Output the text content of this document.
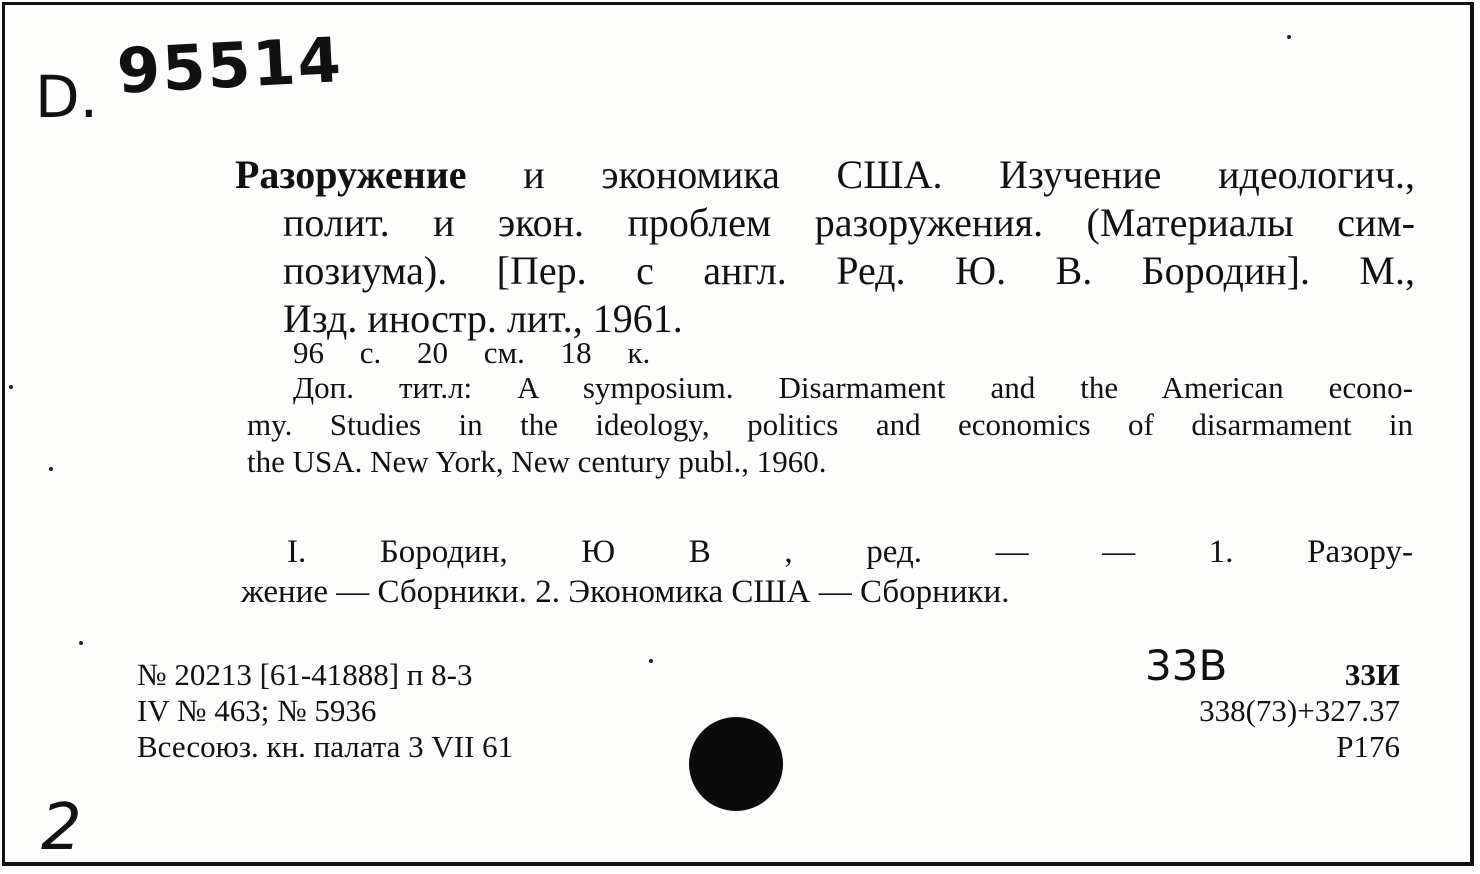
D. 95514
Разоружение и экономика США. Изучение идеологич.,
полит. и экон. проблем разоружения. (Материалы сим-
позиума). [Пер. с англ. Ред. Ю. В. Бородин]. М.,
Изд. иностр. лит., 1961.
96 с. 20 см. 18 к.
Доп. тит.л: A symposium. Disarmament and the American econo-
my. Studies in the ideology, politics and economics of disarmament in
the USA. New York, New century publ., 1960.
I. Бородин, Ю В , ред. — — 1. Разору-
жение — Сборники. 2. Экономика США — Сборники.
№ 20213 [61-41888] п 8-3
IV № 463; № 5936
Всесоюз. кн. палата 3 VII 61
33B	33И
338(73)+327.37
Р176
2
